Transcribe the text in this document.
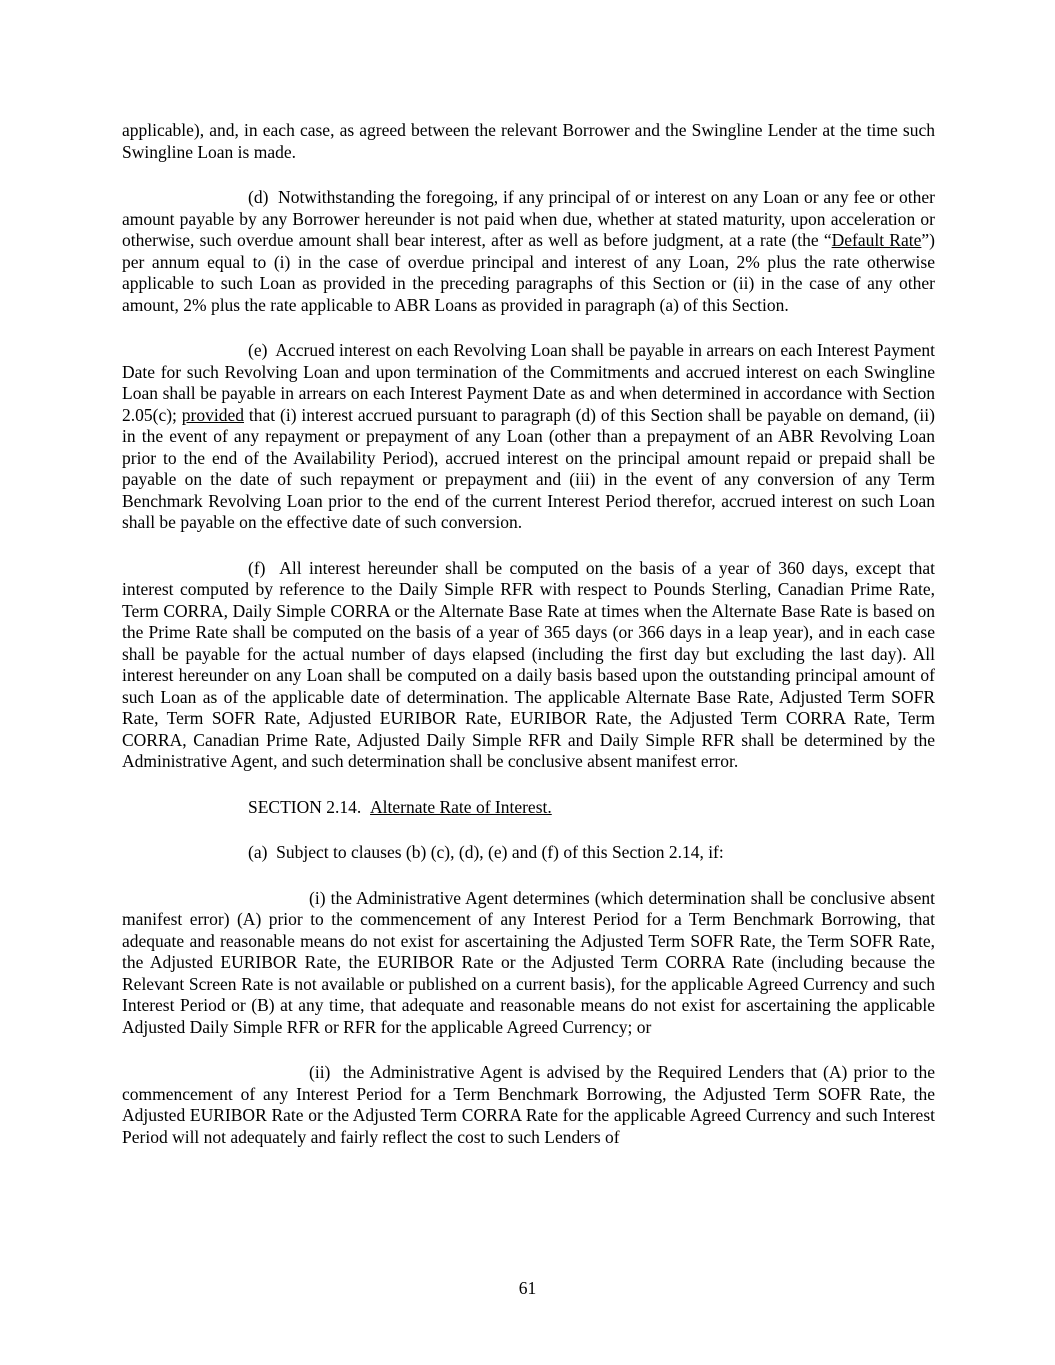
applicable), and, in each case, as agreed between the relevant Borrower and the Swingline Lender at the time such Swingline Loan is made.

(d)  Notwithstanding the foregoing, if any principal of or interest on any Loan or any fee or other amount payable by any Borrower hereunder is not paid when due, whether at stated maturity, upon acceleration or otherwise, such overdue amount shall bear interest, after as well as before judgment, at a rate (the “Default Rate”) per annum equal to (i) in the case of overdue principal and interest of any Loan, 2% plus the rate otherwise applicable to such Loan as provided in the preceding paragraphs of this Section or (ii) in the case of any other amount, 2% plus the rate applicable to ABR Loans as provided in paragraph (a) of this Section.

(e)  Accrued interest on each Revolving Loan shall be payable in arrears on each Interest Payment Date for such Revolving Loan and upon termination of the Commitments and accrued interest on each Swingline Loan shall be payable in arrears on each Interest Payment Date as and when determined in accordance with Section 2.05(c); provided that (i) interest accrued pursuant to paragraph (d) of this Section shall be payable on demand, (ii) in the event of any repayment or prepayment of any Loan (other than a prepayment of an ABR Revolving Loan prior to the end of the Availability Period), accrued interest on the principal amount repaid or prepaid shall be payable on the date of such repayment or prepayment and (iii) in the event of any conversion of any Term Benchmark Revolving Loan prior to the end of the current Interest Period therefor, accrued interest on such Loan shall be payable on the effective date of such conversion.

(f)  All interest hereunder shall be computed on the basis of a year of 360 days, except that interest computed by reference to the Daily Simple RFR with respect to Pounds Sterling, Canadian Prime Rate, Term CORRA, Daily Simple CORRA or the Alternate Base Rate at times when the Alternate Base Rate is based on the Prime Rate shall be computed on the basis of a year of 365 days (or 366 days in a leap year), and in each case shall be payable for the actual number of days elapsed (including the first day but excluding the last day). All interest hereunder on any Loan shall be computed on a daily basis based upon the outstanding principal amount of such Loan as of the applicable date of determination. The applicable Alternate Base Rate, Adjusted Term SOFR Rate, Term SOFR Rate, Adjusted EURIBOR Rate, EURIBOR Rate, the Adjusted Term CORRA Rate, Term CORRA, Canadian Prime Rate, Adjusted Daily Simple RFR and Daily Simple RFR shall be determined by the Administrative Agent, and such determination shall be conclusive absent manifest error.

SECTION 2.14.  Alternate Rate of Interest.

(a)  Subject to clauses (b) (c), (d), (e) and (f) of this Section 2.14, if:

(i) the Administrative Agent determines (which determination shall be conclusive absent manifest error) (A) prior to the commencement of any Interest Period for a Term Benchmark Borrowing, that adequate and reasonable means do not exist for ascertaining the Adjusted Term SOFR Rate, the Term SOFR Rate, the Adjusted EURIBOR Rate, the EURIBOR Rate or the Adjusted Term CORRA Rate (including because the Relevant Screen Rate is not available or published on a current basis), for the applicable Agreed Currency and such Interest Period or (B) at any time, that adequate and reasonable means do not exist for ascertaining the applicable Adjusted Daily Simple RFR or RFR for the applicable Agreed Currency; or

(ii)  the Administrative Agent is advised by the Required Lenders that (A) prior to the commencement of any Interest Period for a Term Benchmark Borrowing, the Adjusted Term SOFR Rate, the Adjusted EURIBOR Rate or the Adjusted Term CORRA Rate for the applicable Agreed Currency and such Interest Period will not adequately and fairly reflect the cost to such Lenders of

61
